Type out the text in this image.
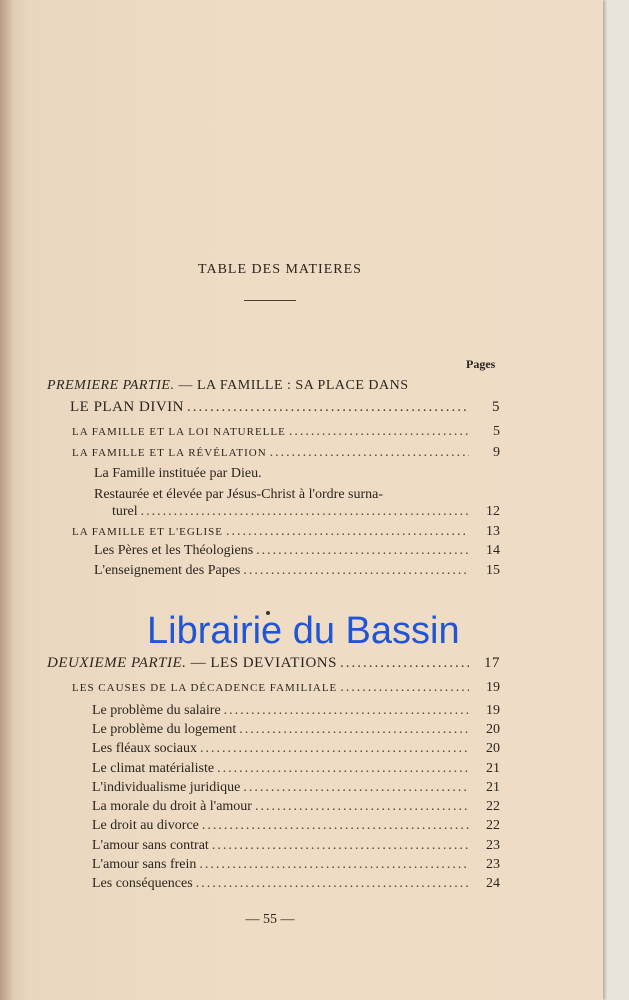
TABLE DES MATIERES
Pages
PREMIERE PARTIE. — LA FAMILLE : SA PLACE DANS
LE PLAN DIVIN .....	5
LA FAMILLE ET LA LOI NATURELLE .....	5
LA FAMILLE ET LA RÉVÉLATION .....	9
La Famille instituée par Dieu.
Restaurée et élevée par Jésus-Christ à l'ordre surna-
turel .....	12
LA FAMILLE ET L'EGLISE .....	13
Les Pères et les Théologiens .....	14
L'enseignement des Papes .....	15
Librairie du Bassin
DEUXIEME PARTIE. — LES DEVIATIONS .....	17
LES CAUSES DE LA DÉCADENCE FAMILIALE .....	19
Le problème du salaire .....	19
Le problème du logement .....	20
Les fléaux sociaux .....	20
Le climat matérialiste .....	21
L'individualisme juridique .....	21
La morale du droit à l'amour .....	22
Le droit au divorce .....	22
L'amour sans contrat .....	23
L'amour sans frein .....	23
Les conséquences .....	24
— 55 —
